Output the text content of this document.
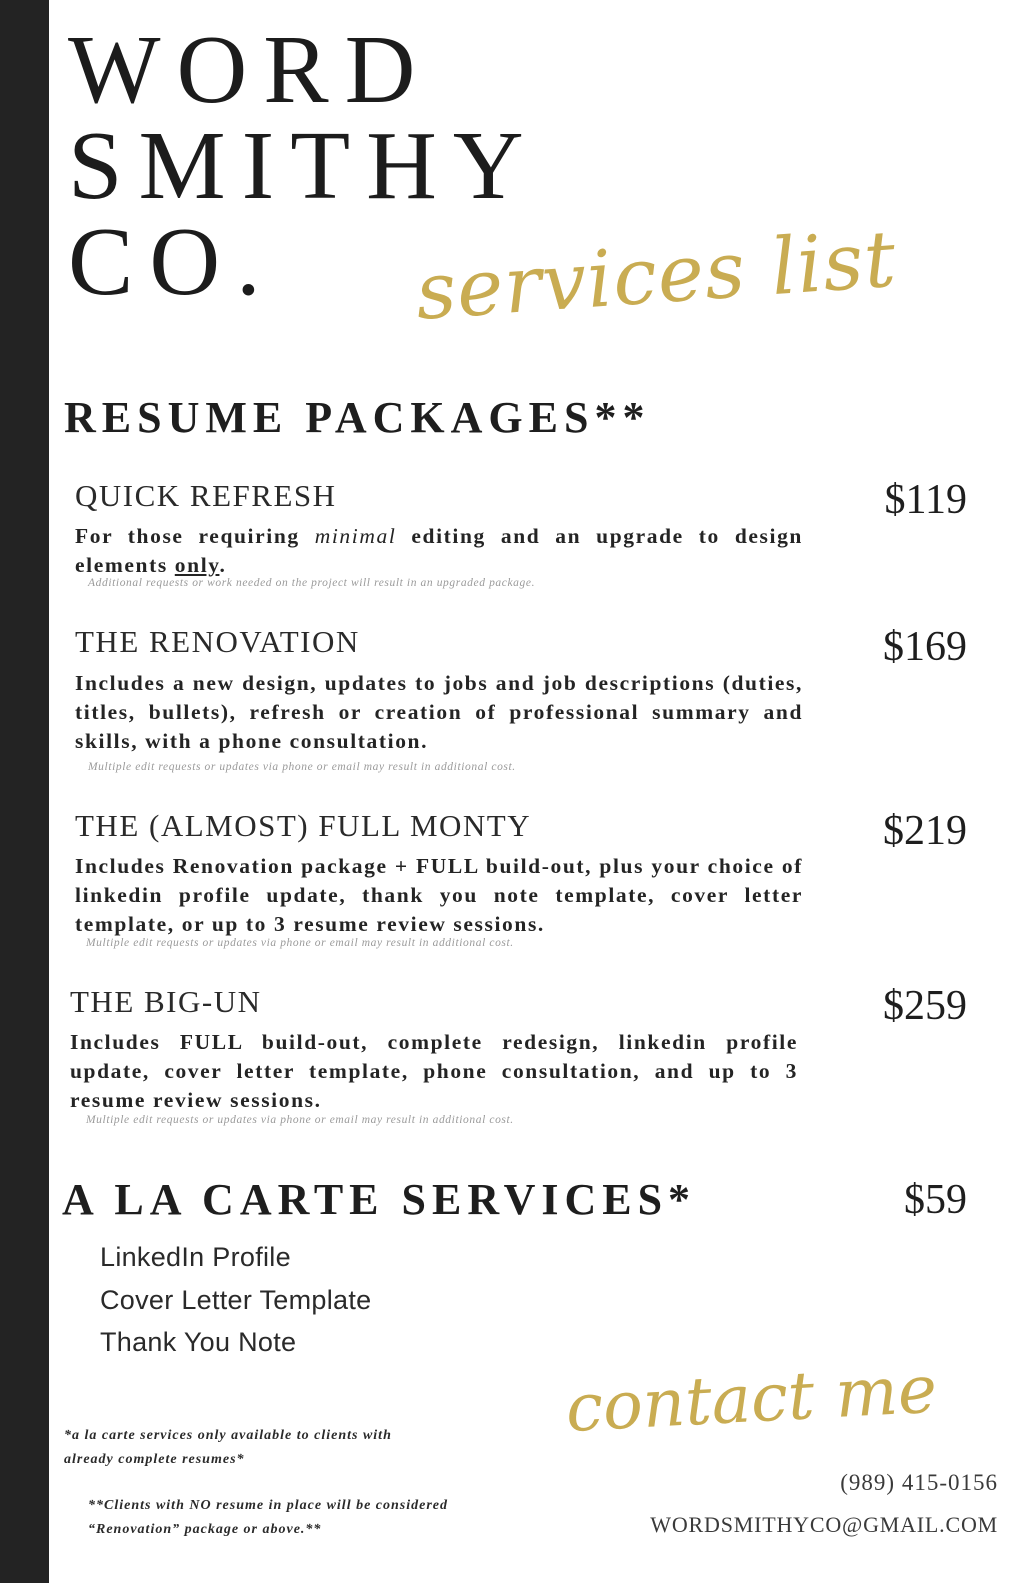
WORD
SMITHY
CO.	services list
RESUME PACKAGES**
QUICK REFRESH	$119

For those requiring minimal editing and an upgrade to design elements only.

Additional requests or work needed on the project will result in an upgraded package.
THE RENOVATION	$169

Includes a new design, updates to jobs and job descriptions (duties, titles, bullets), refresh or creation of professional summary and skills, with a phone consultation.

Multiple edit requests or updates via phone or email may result in additional cost.
THE (ALMOST) FULL MONTY	$219

Includes Renovation package + FULL build-out, plus your choice of linkedin profile update, thank you note template, cover letter template, or up to 3 resume review sessions.

Multiple edit requests or updates via phone or email may result in additional cost.
THE BIG-UN	$259

Includes FULL build-out, complete redesign, linkedin profile update, cover letter template, phone consultation, and up to 3 resume review sessions.

Multiple edit requests or updates via phone or email may result in additional cost.
A LA CARTE SERVICES*	$59
LinkedIn Profile
Cover Letter Template
Thank You Note

*a la carte services only available to clients with already complete resumes*

**Clients with NO resume in place will be considered “Renovation” package or above.**

contact me
(989) 415-0156
WORDSMITHYCO@GMAIL.COM
